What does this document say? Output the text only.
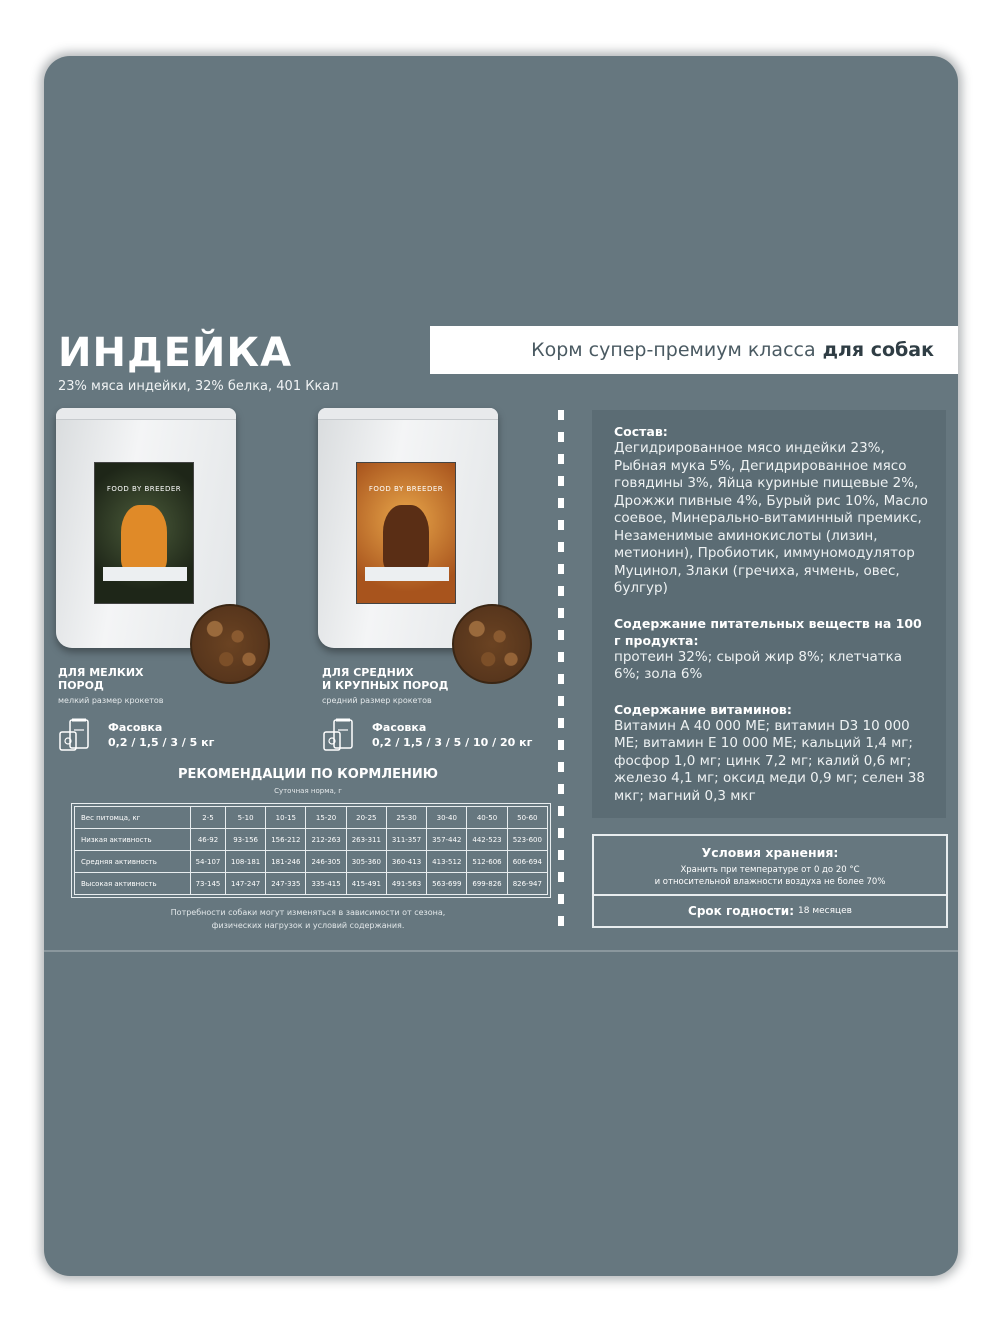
ИНДЕЙКА
23% мяса индейки, 32% белка, 401 Ккал
Корм супер-премиум класса для собак
FOOD BY BREEDER
ДЛЯ МЕЛКИХ
ПОРОД
мелкий размер крокетов
Фасовка
0,2 / 1,5 / 3 / 5 кг
FOOD BY BREEDER
ДЛЯ СРЕДНИХ
И КРУПНЫХ ПОРОД
средний размер крокетов
Фасовка
0,2 / 1,5 / 3 / 5 / 10 / 20 кг
РЕКОМЕНДАЦИИ ПО КОРМЛЕНИЮ
Суточная норма, г
Вес питомца, кг	2-5	5-10	10-15	15-20	20-25	25-30	30-40	40-50	50-60
Низкая активность	46-92	93-156	156-212	212-263	263-311	311-357	357-442	442-523	523-600
Средняя активность	54-107	108-181	181-246	246-305	305-360	360-413	413-512	512-606	606-694
Высокая активность	73-145	147-247	247-335	335-415	415-491	491-563	563-699	699-826	826-947
Потребности собаки могут изменяться в зависимости от сезона,
физических нагрузок и условий содержания.
Состав:
Дегидрированное мясо индейки 23%, Рыбная мука 5%, Дегидрированное мясо говядины 3%, Яйца куриные пищевые 2%, Дрожжи пивные 4%, Бурый рис 10%, Масло соевое, Минерально-витаминный премикс, Незаменимые аминокислоты (лизин, метионин), Пробиотик, иммуномодулятор Муцинол, Злаки (гречиха, ячмень, овес, булгур)
Содержание питательных веществ на 100 г продукта:
протеин 32%; сырой жир 8%; клетчатка 6%; зола 6%
Содержание витаминов:
Витамин А 40 000 МЕ; витамин D3 10 000 МЕ; витамин Е 10 000 МЕ; кальций 1,4 мг; фосфор 1,0 мг; цинк 7,2 мг; калий 0,6 мг; железо 4,1 мг; оксид меди 0,9 мг; селен 38 мкг; магний 0,3 мкг
Условия хранения:
Хранить при температуре от 0 до 20 °С
и относительной влажности воздуха не более 70%
Срок годности: 18 месяцев
